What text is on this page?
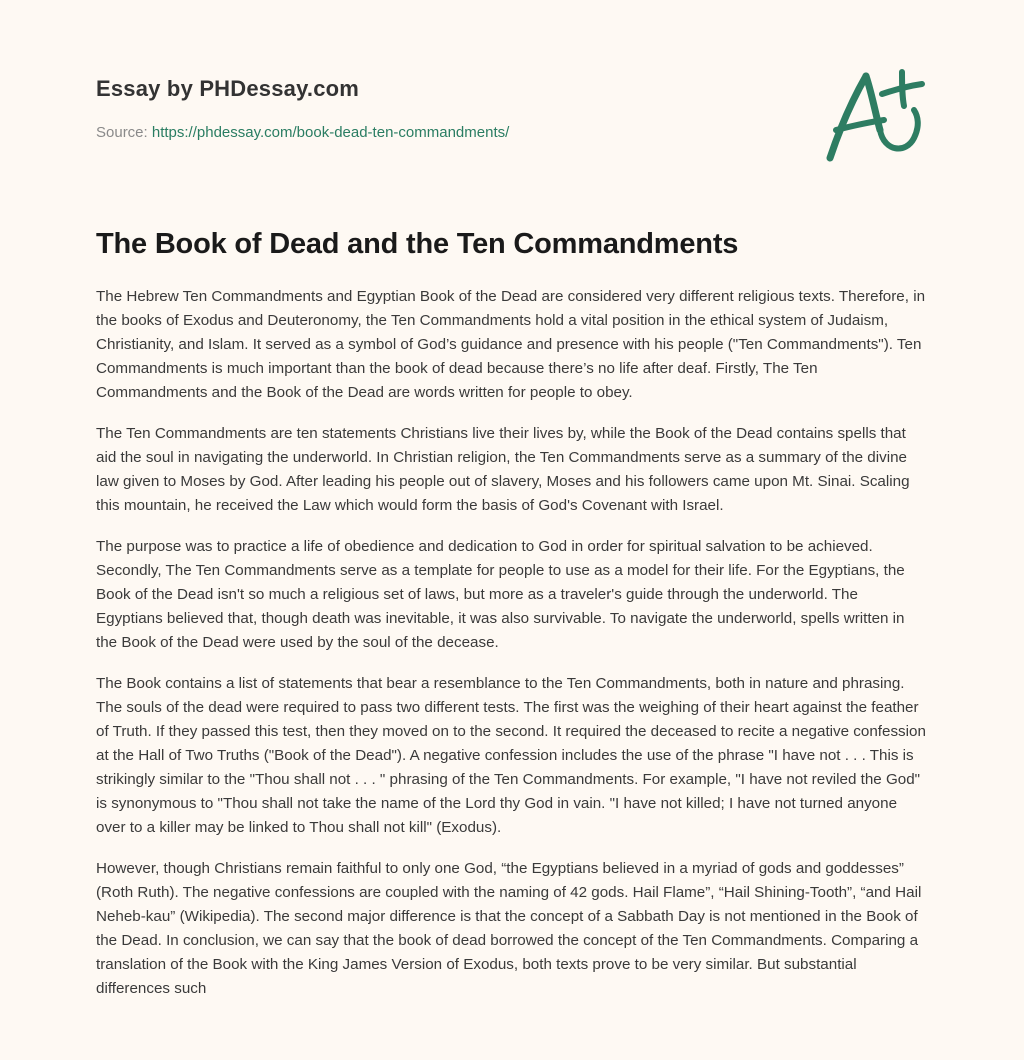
Essay by PHDessay.com
Source: https://phdessay.com/book-dead-ten-commandments/
The Book of Dead and the Ten Commandments

The Hebrew Ten Commandments and Egyptian Book of the Dead are considered very different religious texts. Therefore, in the books of Exodus and Deuteronomy, the Ten Commandments hold a vital position in the ethical system of Judaism, Christianity, and Islam. It served as a symbol of God’s guidance and presence with his people ("Ten Commandments"). Ten Commandments is much important than the book of dead because there’s no life after deaf. Firstly, The Ten Commandments and the Book of the Dead are words written for people to obey.

The Ten Commandments are ten statements Christians live their lives by, while the Book of the Dead contains spells that aid the soul in navigating the underworld. In Christian religion, the Ten Commandments serve as a summary of the divine law given to Moses by God. After leading his people out of slavery, Moses and his followers came upon Mt. Sinai. Scaling this mountain, he received the Law which would form the basis of God's Covenant with Israel.

The purpose was to practice a life of obedience and dedication to God in order for spiritual salvation to be achieved. Secondly, The Ten Commandments serve as a template for people to use as a model for their life. For the Egyptians, the Book of the Dead isn't so much a religious set of laws, but more as a traveler's guide through the underworld. The Egyptians believed that, though death was inevitable, it was also survivable. To navigate the underworld, spells written in the Book of the Dead were used by the soul of the decease.

The Book contains a list of statements that bear a resemblance to the Ten Commandments, both in nature and phrasing. The souls of the dead were required to pass two different tests. The first was the weighing of their heart against the feather of Truth. If they passed this test, then they moved on to the second. It required the deceased to recite a negative confession at the Hall of Two Truths ("Book of the Dead"). A negative confession includes the use of the phrase "I have not . . . This is strikingly similar to the "Thou shall not . . . " phrasing of the Ten Commandments. For example, "I have not reviled the God" is synonymous to "Thou shall not take the name of the Lord thy God in vain. "I have not killed; I have not turned anyone over to a killer may be linked to Thou shall not kill" (Exodus).

However, though Christians remain faithful to only one God, “the Egyptians believed in a myriad of gods and goddesses” (Roth Ruth). The negative confessions are coupled with the naming of 42 gods. Hail Flame”, “Hail Shining-Tooth”, “and Hail Neheb-kau” (Wikipedia). The second major difference is that the concept of a Sabbath Day is not mentioned in the Book of the Dead. In conclusion, we can say that the book of dead borrowed the concept of the Ten Commandments. Comparing a translation of the Book with the King James Version of Exodus, both texts prove to be very similar. But substantial differences such
